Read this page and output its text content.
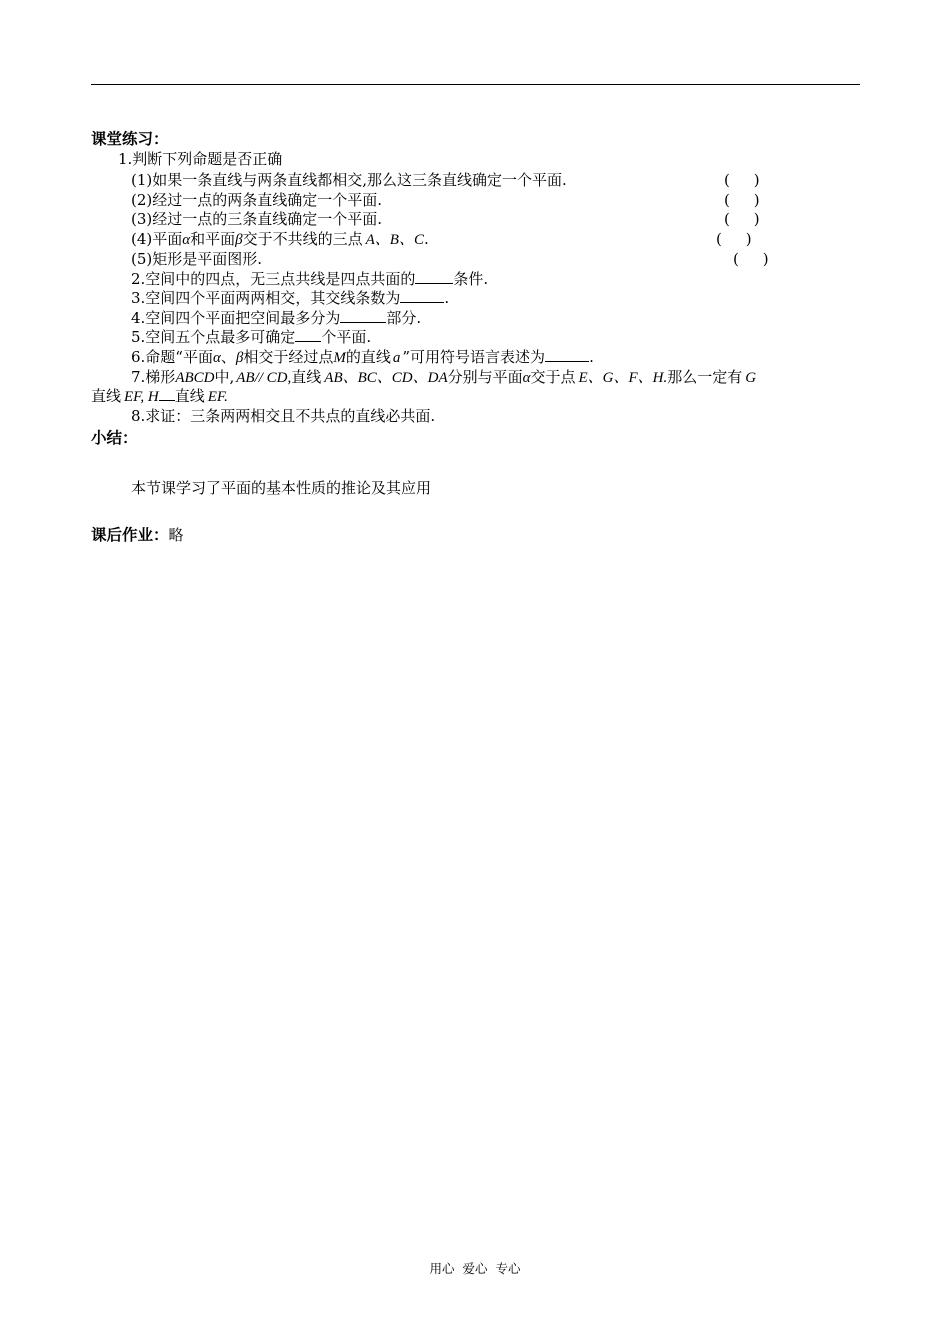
课堂练习：
1.判断下列命题是否正确
(1)如果一条直线与两条直线都相交,那么这三条直线确定一个平面.	(     )
(2)经过一点的两条直线确定一个平面.	(     )
(3)经过一点的三条直线确定一个平面.	(     )
(4)平面α和平面β交于不共线的三点 A、B、C.	(     )
(5)矩形是平面图形.	(     )
2.空间中的四点，无三点共线是四点共面的	条件.
3.空间四个平面两两相交，其交线条数为	.
4.空间四个平面把空间最多分为	部分.
5.空间五个点最多可确定 个平面.
6.命题“平面α、β相交于经过点M的直线 a ”可用符号语言表述为	.
7.梯形ABCD中, AB// CD,直线 AB、BC、CD、DA分别与平面α交于点 E、G、F、H.那么一定有 G
直线 EF, H 直线 EF.
8.求证：三条两两相交且不共点的直线必共面.
小结：
本节课学习了平面的基本性质的推论及其应用
课后作业：略
用心  爱心  专心
